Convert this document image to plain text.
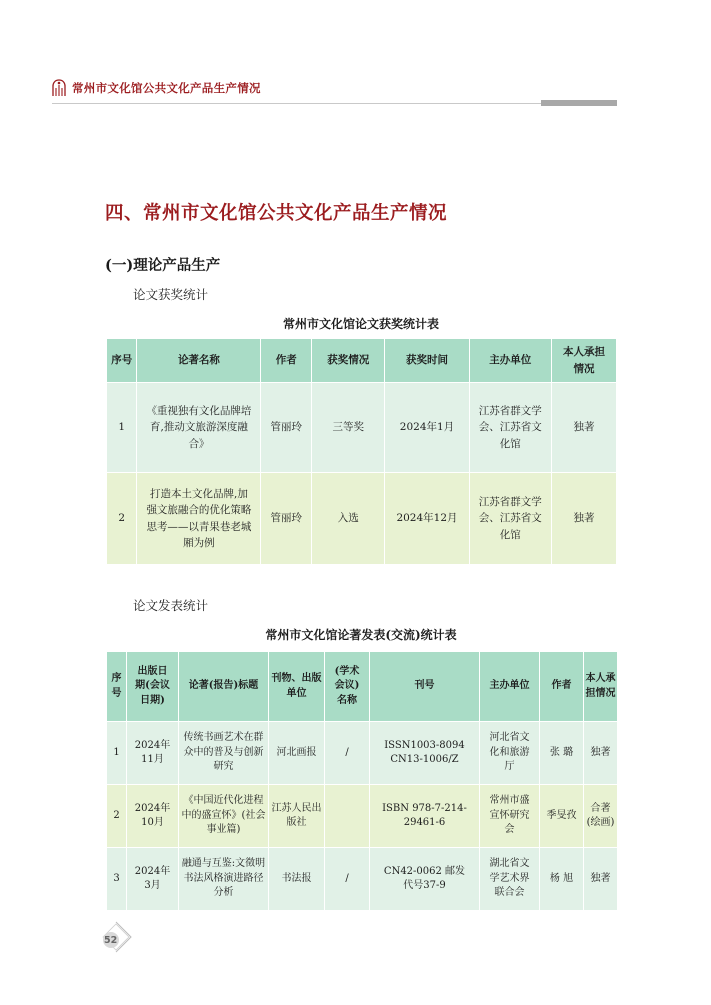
常州市文化馆公共文化产品生产情况
四、常州市文化馆公共文化产品生产情况
(一)理论产品生产
论文获奖统计
常州市文化馆论文获奖统计表
序号	论著名称	作者	获奖情况	获奖时间	主办单位	本人承担情况
1	《重视独有文化品牌培育,推动文旅游深度融合》	管丽玲	三等奖	2024年1月	江苏省群文学会、江苏省文化馆	独著
2	打造本土文化品牌,加强文旅融合的优化策略思考——以青果巷老城厢为例	管丽玲	入选	2024年12月	江苏省群文学会、江苏省文化馆	独著
论文发表统计
常州市文化馆论著发表(交流)统计表
序号	出版日期(会议日期)	论著(报告)标题	刊物、出版单位	(学术会议)名称	刊号	主办单位	作者	本人承担情况
1	2024年11月	传统书画艺术在群众中的普及与创新研究	河北画报	/	ISSN1003-8094 CN13-1006/Z	河北省文化和旅游厅	张 璐	独著
2	2024年10月	《中国近代化进程中的盛宣怀》(社会事业篇)	江苏人民出版社		ISBN 978-7-214-29461-6	常州市盛宣怀研究会	季旻孜	合著(绘画)
3	2024年3月	融通与互鉴:文徵明书法风格演进路径分析	书法报	/	CN42-0062 邮发代号37-9	湖北省文学艺术界联合会	杨 旭	独著
52
